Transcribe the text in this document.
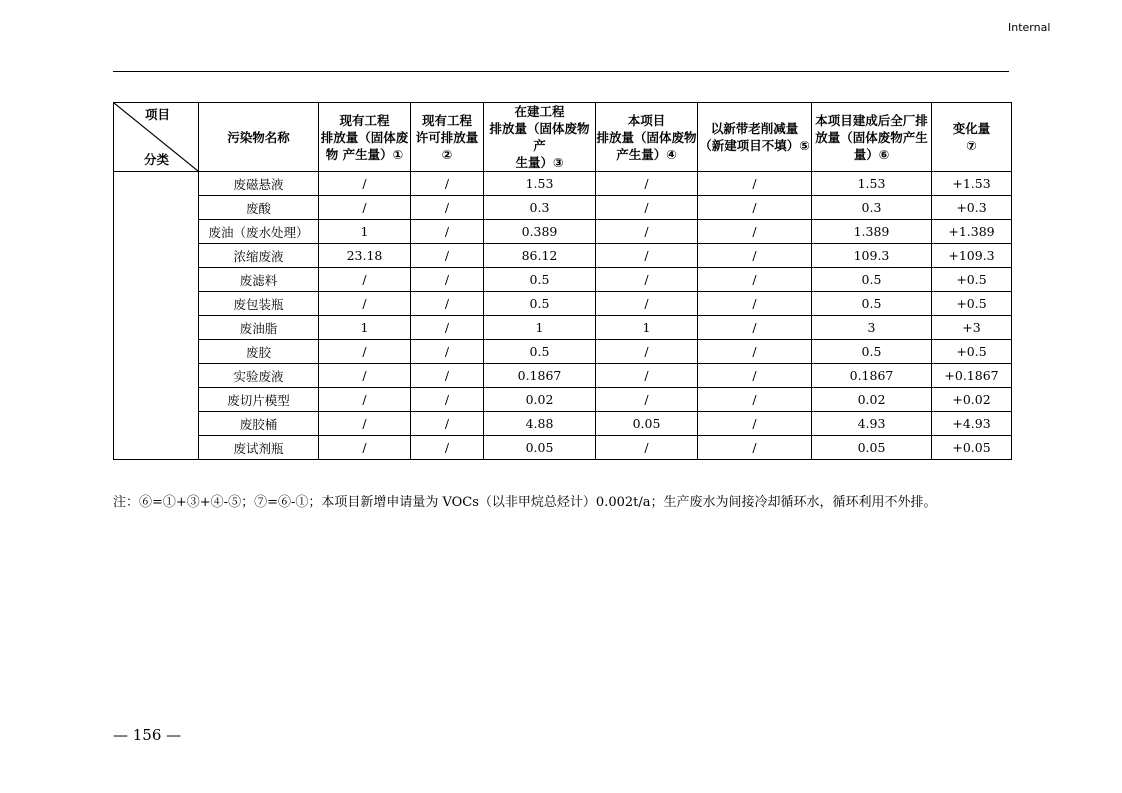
Internal
项目
分类	污染物名称	现有工程
排放量（固体废
物 产生量）①	现有工程
许可排放量
②	在建工程
排放量（固体废物产
生量）③	本项目
排放量（固体废物
产生量）④	以新带老削减量
（新建项目不填）⑤	本项目建成后全厂排
放量（固体废物产生
量）⑥	变化量
⑦

	废磁悬液	/	/	1.53	/	/	1.53	+1.53
	废酸	/	/	0.3	/	/	0.3	+0.3
	废油（废水处理）	1	/	0.389	/	/	1.389	+1.389
	浓缩废液	23.18	/	86.12	/	/	109.3	+109.3
	废滤料	/	/	0.5	/	/	0.5	+0.5
	废包装瓶	/	/	0.5	/	/	0.5	+0.5
	废油脂	1	/	1	1	/	3	+3
	废胶	/	/	0.5	/	/	0.5	+0.5
	实验废液	/	/	0.1867	/	/	0.1867	+0.1867
	废切片模型	/	/	0.02	/	/	0.02	+0.02
	废胶桶	/	/	4.88	0.05	/	4.93	+4.93
	废试剂瓶	/	/	0.05	/	/	0.05	+0.05
注：⑥=①+③+④-⑤；⑦=⑥-①；本项目新增申请量为 VOCs（以非甲烷总烃计）0.002t/a；生产废水为间接冷却循环水，循环利用不外排。
— 156 —
